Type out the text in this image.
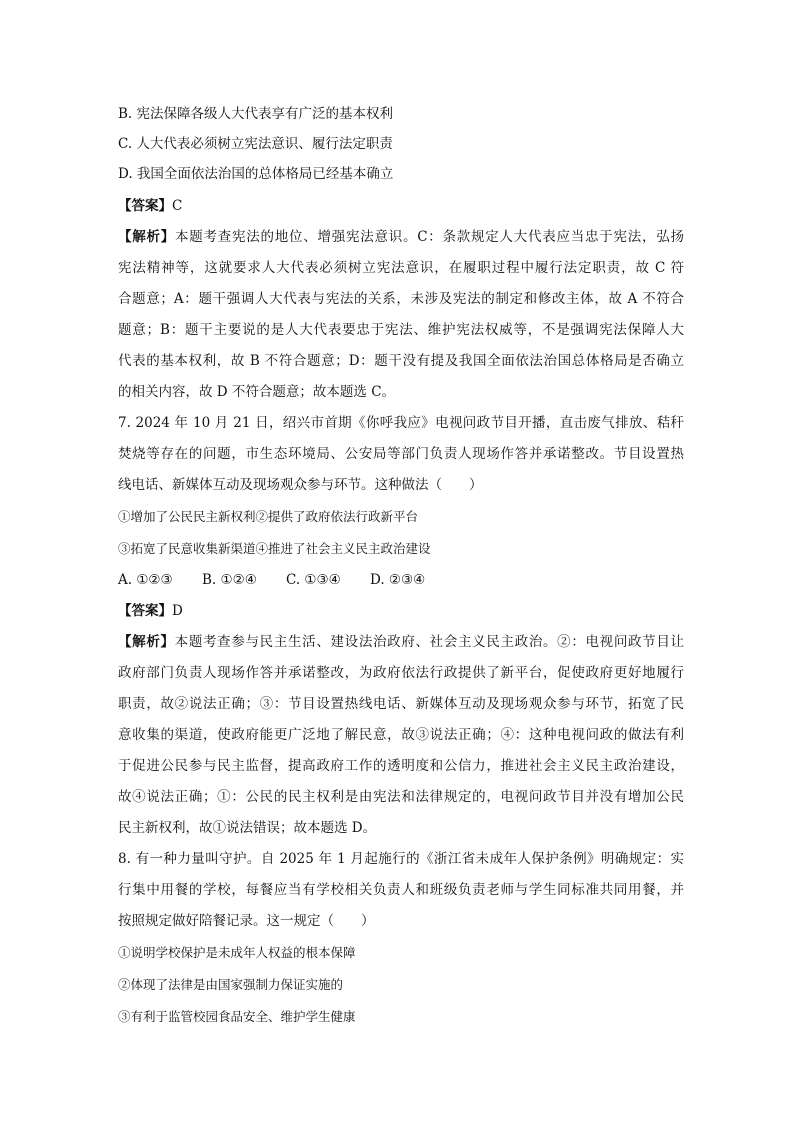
B. 宪法保障各级人大代表享有广泛的基本权利
C. 人大代表必须树立宪法意识、履行法定职责
D. 我国全面依法治国的总体格局已经基本确立
【答案】C
【解析】本题考查宪法的地位、增强宪法意识。C：条款规定人大代表应当忠于宪法，弘扬
宪法精神等，这就要求人大代表必须树立宪法意识，在履职过程中履行法定职责，故 C 符
合题意；A：题干强调人大代表与宪法的关系，未涉及宪法的制定和修改主体，故 A 不符合
题意；B：题干主要说的是人大代表要忠于宪法、维护宪法权威等，不是强调宪法保障人大
代表的基本权利，故 B 不符合题意；D：题干没有提及我国全面依法治国总体格局是否确立
的相关内容，故 D 不符合题意；故本题选 C。
7. 2024 年 10 月 21 日，绍兴市首期《你呼我应》电视问政节目开播，直击废气排放、秸秆
焚烧等存在的问题，市生态环境局、公安局等部门负责人现场作答并承诺整改。节目设置热
线电话、新媒体互动及现场观众参与环节。这种做法（　　）
①增加了公民民主新权利②提供了政府依法行政新平台
③拓宽了民意收集新渠道④推进了社会主义民主政治建设
A. ①②③ B. ①②④ C. ①③④ D. ②③④
【答案】D
【解析】本题考查参与民主生活、建设法治政府、社会主义民主政治。②：电视问政节目让
政府部门负责人现场作答并承诺整改，为政府依法行政提供了新平台，促使政府更好地履行
职责，故②说法正确；③：节目设置热线电话、新媒体互动及现场观众参与环节，拓宽了民
意收集的渠道，使政府能更广泛地了解民意，故③说法正确；④：这种电视问政的做法有利
于促进公民参与民主监督，提高政府工作的透明度和公信力，推进社会主义民主政治建设，
故④说法正确；①：公民的民主权利是由宪法和法律规定的，电视问政节目并没有增加公民
民主新权利，故①说法错误；故本题选 D。
8. 有一种力量叫守护。自 2025 年 1 月起施行的《浙江省未成年人保护条例》明确规定：实
行集中用餐的学校，每餐应当有学校相关负责人和班级负责老师与学生同标准共同用餐，并
按照规定做好陪餐记录。这一规定（　　）
①说明学校保护是未成年人权益的根本保障
②体现了法律是由国家强制力保证实施的
③有利于监管校园食品安全、维护学生健康
